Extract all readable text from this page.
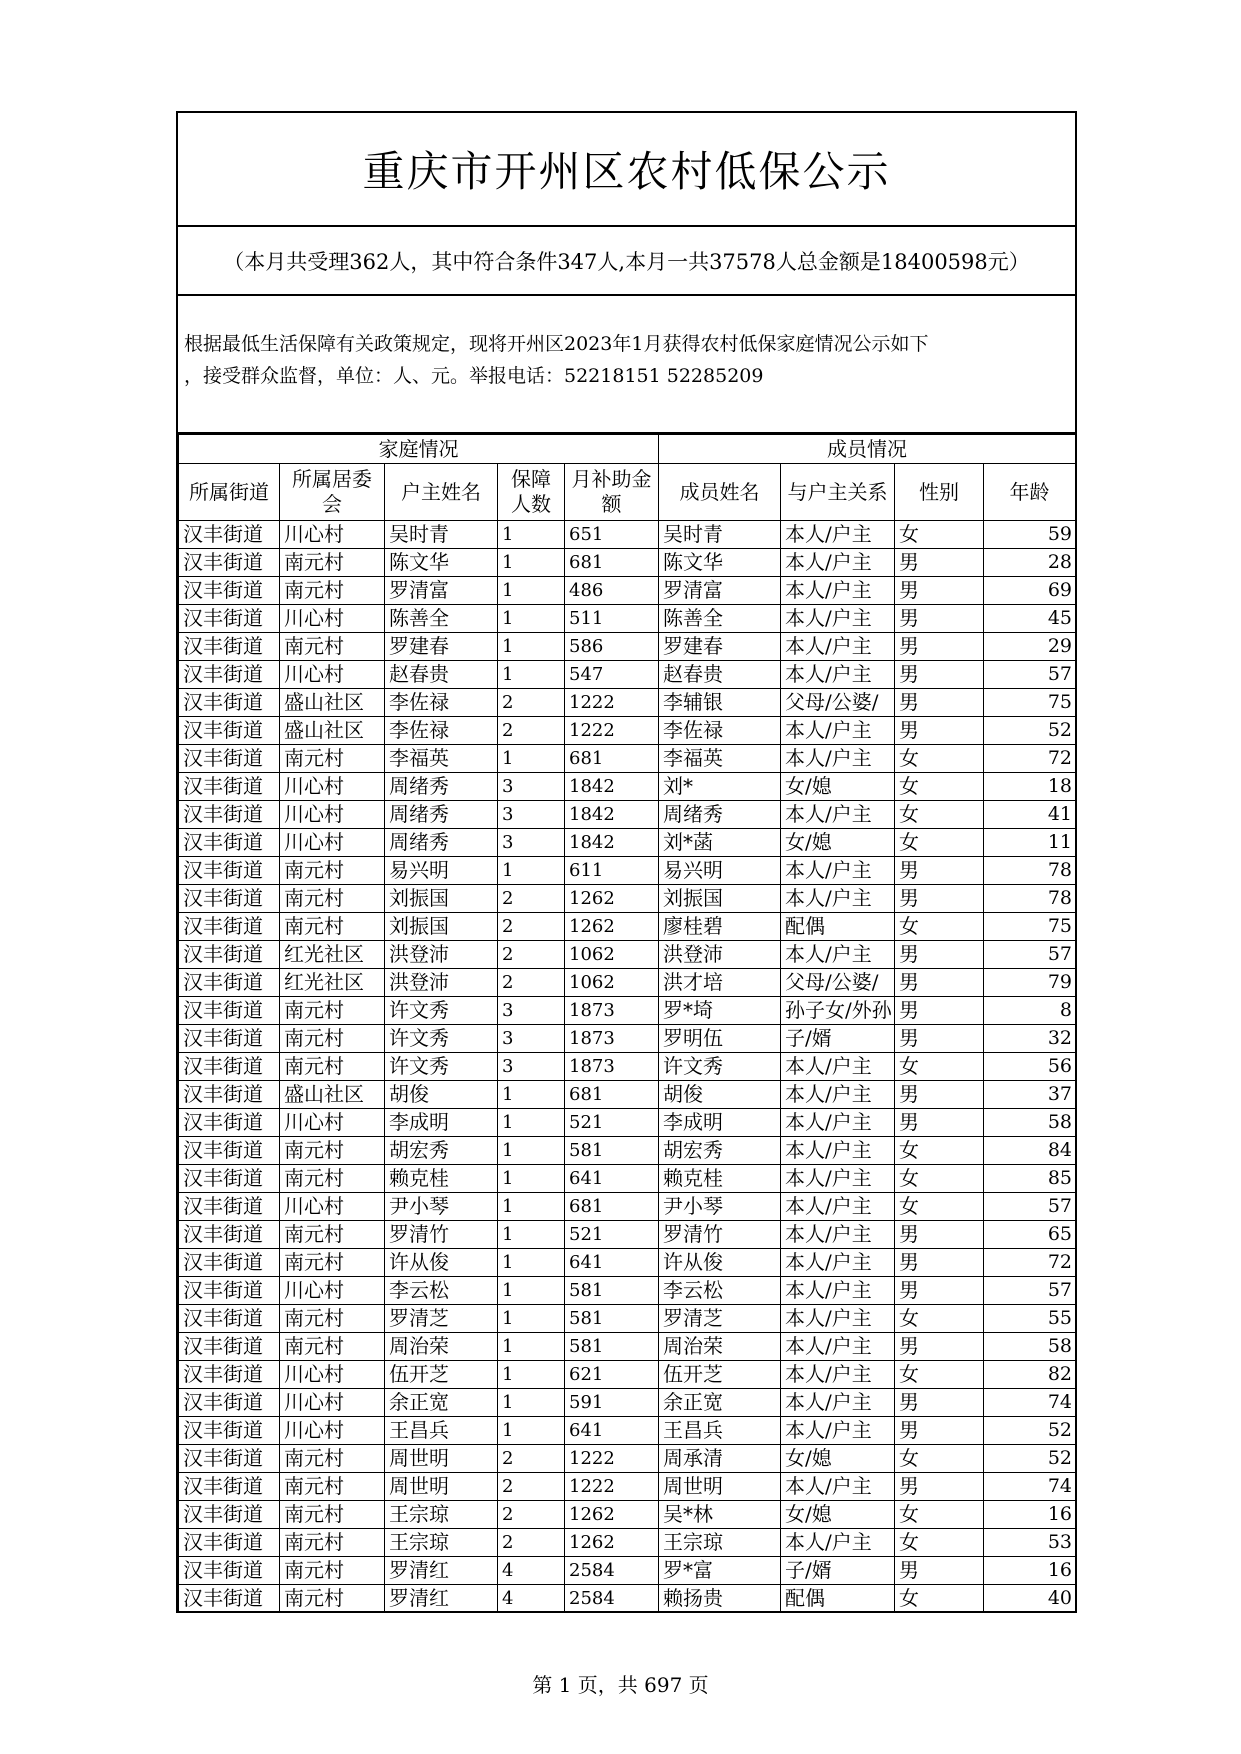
重庆市开州区农村低保公示
（本月共受理362人，其中符合条件347人,本月一共37578人总金额是18400598元）

根据最低生活保障有关政策规定，现将开州区2023年1月获得农村低保家庭情况公示如下

，接受群众监督，单位：人、元。举报电话：52218151 52285209

家庭情况					成员情况			
所属街道	所属居委会	户主姓名	保障人数	月补助金额	成员姓名	与户主关系	性别	年龄
汉丰街道	川心村	吴时青	1	651	吴时青	本人/户主	女	59
汉丰街道	南元村	陈文华	1	681	陈文华	本人/户主	男	28
汉丰街道	南元村	罗清富	1	486	罗清富	本人/户主	男	69
汉丰街道	川心村	陈善全	1	511	陈善全	本人/户主	男	45
汉丰街道	南元村	罗建春	1	586	罗建春	本人/户主	男	29
汉丰街道	川心村	赵春贵	1	547	赵春贵	本人/户主	男	57
汉丰街道	盛山社区	李佐禄	2	1222	李辅银	父母/公婆/	男	75
汉丰街道	盛山社区	李佐禄	2	1222	李佐禄	本人/户主	男	52
汉丰街道	南元村	李福英	1	681	李福英	本人/户主	女	72
汉丰街道	川心村	周绪秀	3	1842	刘*	女/媳	女	18
汉丰街道	川心村	周绪秀	3	1842	周绪秀	本人/户主	女	41
汉丰街道	川心村	周绪秀	3	1842	刘*菡	女/媳	女	11
汉丰街道	南元村	易兴明	1	611	易兴明	本人/户主	男	78
汉丰街道	南元村	刘振国	2	1262	刘振国	本人/户主	男	78
汉丰街道	南元村	刘振国	2	1262	廖桂碧	配偶	女	75
汉丰街道	红光社区	洪登沛	2	1062	洪登沛	本人/户主	男	57
汉丰街道	红光社区	洪登沛	2	1062	洪才培	父母/公婆/	男	79
汉丰街道	南元村	许文秀	3	1873	罗*埼	孙子女/外孙	男	8
汉丰街道	南元村	许文秀	3	1873	罗明伍	子/婿	男	32
汉丰街道	南元村	许文秀	3	1873	许文秀	本人/户主	女	56
汉丰街道	盛山社区	胡俊	1	681	胡俊	本人/户主	男	37
汉丰街道	川心村	李成明	1	521	李成明	本人/户主	男	58
汉丰街道	南元村	胡宏秀	1	581	胡宏秀	本人/户主	女	84
汉丰街道	南元村	赖克桂	1	641	赖克桂	本人/户主	女	85
汉丰街道	川心村	尹小琴	1	681	尹小琴	本人/户主	女	57
汉丰街道	南元村	罗清竹	1	521	罗清竹	本人/户主	男	65
汉丰街道	南元村	许从俊	1	641	许从俊	本人/户主	男	72
汉丰街道	川心村	李云松	1	581	李云松	本人/户主	男	57
汉丰街道	南元村	罗清芝	1	581	罗清芝	本人/户主	女	55
汉丰街道	南元村	周治荣	1	581	周治荣	本人/户主	男	58
汉丰街道	川心村	伍开芝	1	621	伍开芝	本人/户主	女	82
汉丰街道	川心村	余正宽	1	591	余正宽	本人/户主	男	74
汉丰街道	川心村	王昌兵	1	641	王昌兵	本人/户主	男	52
汉丰街道	南元村	周世明	2	1222	周承清	女/媳	女	52
汉丰街道	南元村	周世明	2	1222	周世明	本人/户主	男	74
汉丰街道	南元村	王宗琼	2	1262	吴*林	女/媳	女	16
汉丰街道	南元村	王宗琼	2	1262	王宗琼	本人/户主	女	53
汉丰街道	南元村	罗清红	4	2584	罗*富	子/婿	男	16
汉丰街道	南元村	罗清红	4	2584	赖扬贵	配偶	女	40
第 1 页，共 697 页
